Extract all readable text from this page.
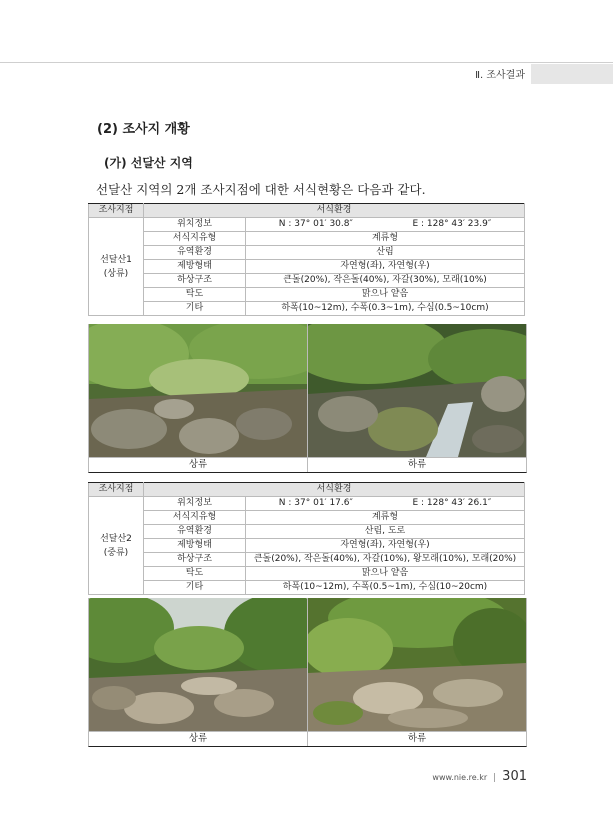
Ⅱ. 조사결과
(2) 조사지 개황
(가) 선달산 지역
선달산 지역의 2개 조사지점에 대한 서식현황은 다음과 같다.
조사지점	서식환경	
선달산1
(상류)	위치정보	N : 37° 01′ 30.8″ E : 128° 43′ 23.9″

	서식지유형	계류형
	유역환경	산림
	제방형태	자연형(좌), 자연형(우)
	하상구조	큰돌(20%), 작은돌(40%), 자갈(30%), 모래(10%)
	탁도	맑으나 얕음
	기타	하폭(10~12m), 수폭(0.3~1m), 수심(0.5~10cm)
상류	하류
조사지점	서식환경	
선달산2
(중류)	위치정보	N : 37° 01′ 17.6″ E : 128° 43′ 26.1″

	서식지유형	계류형
	유역환경	산림, 도로
	제방형태	자연형(좌), 자연형(우)
	하상구조	큰돌(20%), 작은돌(40%), 자갈(10%), 왕모래(10%), 모래(20%)
	탁도	맑으나 얕음
	기타	하폭(10~12m), 수폭(0.5~1m), 수심(10~20cm)
상류	하류
www.nie.re.kr | 301
